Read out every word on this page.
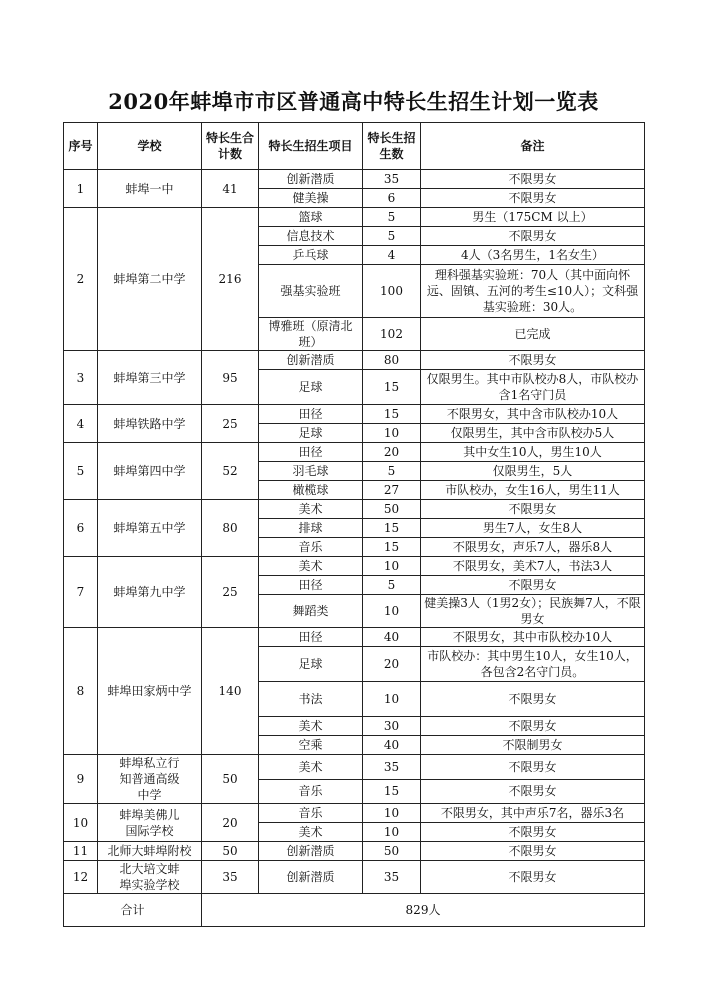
2020年蚌埠市市区普通高中特长生招生计划一览表
序号	学校	特长生合计数	特长生招生项目	特长生招生数	备注
1	蚌埠一中	41	创新潜质	35	不限男女
			健美操	6	不限男女
2	蚌埠第二中学	216	篮球	5	男生（175CM 以上）
			信息技术	5	不限男女
			乒乓球	4	4人（3名男生，1名女生）
			强基实验班	100	理科强基实验班：70人（其中面向怀远、固镇、五河的考生≤10人）；文科强基实验班：30人。
			博雅班（原清北班）	102	已完成
3	蚌埠第三中学	95	创新潜质	80	不限男女
			足球	15	仅限男生。其中市队校办8人，市队校办含1名守门员
4	蚌埠铁路中学	25	田径	15	不限男女，其中含市队校办10人
			足球	10	仅限男生，其中含市队校办5人
5	蚌埠第四中学	52	田径	20	其中女生10人，男生10人
			羽毛球	5	仅限男生，5人
			橄榄球	27	市队校办，女生16人，男生11人
6	蚌埠第五中学	80	美术	50	不限男女
			排球	15	男生7人，女生8人
			音乐	15	不限男女，声乐7人，器乐8人
7	蚌埠第九中学	25	美术	10	不限男女，美术7人，书法3人
			田径	5	不限男女
			舞蹈类	10	健美操3人（1男2女）；民族舞7人，不限男女
8	蚌埠田家炳中学	140	田径	40	不限男女，其中市队校办10人
			足球	20	市队校办：其中男生10人，女生10人，各包含2名守门员。
			书法	10	不限男女
			美术	30	不限男女
			空乘	40	不限制男女
9	蚌埠私立行知普通高级中学	50	美术	35	不限男女
			音乐	15	不限男女
10	蚌埠美佛儿国际学校	20	音乐	10	不限男女，其中声乐7名，器乐3名
			美术	10	不限男女
11	北师大蚌埠附校	50	创新潜质	50	不限男女
12	北大培文蚌埠实验学校	35	创新潜质	35	不限男女
合计		829人			
